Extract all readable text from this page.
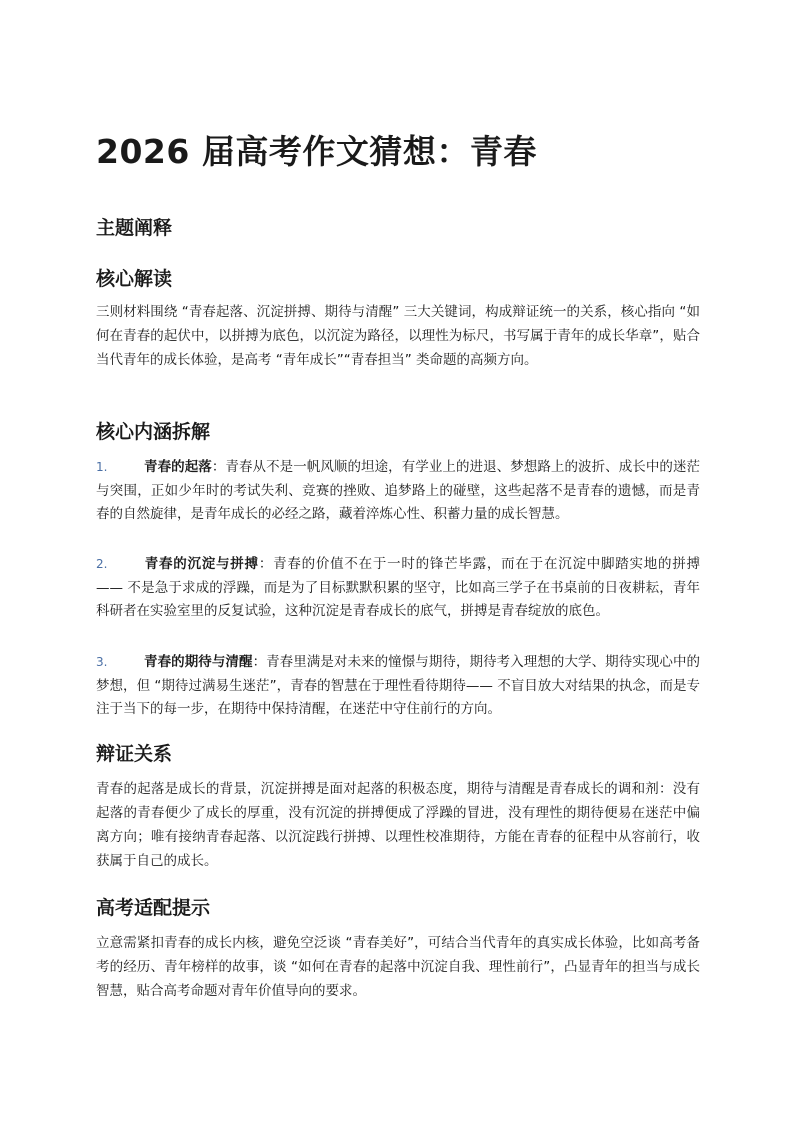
2026 届高考作文猜想：青春
主题阐释
核心解读

三则材料围绕 “青春起落、沉淀拼搏、期待与清醒” 三大关键词，构成辩证统一的关系，核心指向 “如何在青春的起伏中，以拼搏为底色，以沉淀为路径，以理性为标尺，书写属于青年的成长华章”，贴合当代青年的成长体验，是高考 “青年成长”“青春担当” 类命题的高频方向。

核心内涵拆解

1.	青春的起落：青春从不是一帆风顺的坦途，有学业上的进退、梦想路上的波折、成长中的迷茫与突围，正如少年时的考试失利、竞赛的挫败、追梦路上的碰壁，这些起落不是青春的遗憾，而是青春的自然旋律，是青年成长的必经之路，藏着淬炼心性、积蓄力量的成长智慧。

2.	青春的沉淀与拼搏：青春的价值不在于一时的锋芒毕露，而在于在沉淀中脚踏实地的拼搏 —— 不是急于求成的浮躁，而是为了目标默默积累的坚守，比如高三学子在书桌前的日夜耕耘，青年科研者在实验室里的反复试验，这种沉淀是青春成长的底气，拼搏是青春绽放的底色。

3.	青春的期待与清醒：青春里满是对未来的憧憬与期待，期待考入理想的大学、期待实现心中的梦想，但 “期待过满易生迷茫”，青春的智慧在于理性看待期待—— 不盲目放大对结果的执念，而是专注于当下的每一步，在期待中保持清醒，在迷茫中守住前行的方向。

辩证关系

青春的起落是成长的背景，沉淀拼搏是面对起落的积极态度，期待与清醒是青春成长的调和剂：没有起落的青春便少了成长的厚重，没有沉淀的拼搏便成了浮躁的冒进，没有理性的期待便易在迷茫中偏离方向；唯有接纳青春起落、以沉淀践行拼搏、以理性校准期待，方能在青春的征程中从容前行，收获属于自己的成长。

高考适配提示

立意需紧扣青春的成长内核，避免空泛谈 “青春美好”，可结合当代青年的真实成长体验，比如高考备考的经历、青年榜样的故事，谈 “如何在青春的起落中沉淀自我、理性前行”，凸显青年的担当与成长智慧，贴合高考命题对青年价值导向的要求。
